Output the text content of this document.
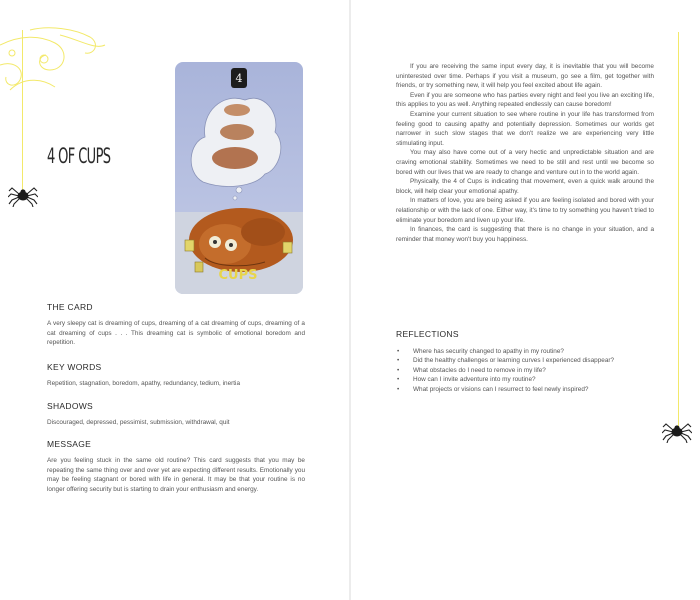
4 OF CUPS
4
CUPS
THE CARD

A very sleepy cat is dreaming of cups, dreaming of a cat dreaming of cups, dreaming of a cat dreaming of cups . . . This dreaming cat is symbolic of emotional boredom and repetition.

KEY WORDS

Repetition, stagnation, boredom, apathy, redundancy, tedium, inertia

SHADOWS

Discouraged, depressed, pessimist, submission, withdrawal, quit

MESSAGE

Are you feeling stuck in the same old routine? This card suggests that you may be repeating the same thing over and over yet are expecting different results. Emotionally you may be feeling stagnant or bored with life in general. It may be that your routine is no longer offering security but is starting to drain your enthusiasm and energy.

If you are receiving the same input every day, it is inevitable that you will become uninterested over time. Perhaps if you visit a museum, go see a film, get together with friends, or try something new, it will help you feel excited about life again.

Even if you are someone who has parties every night and feel you live an exciting life, this applies to you as well. Anything repeated endlessly can cause boredom!

Examine your current situation to see where routine in your life has transformed from feeling good to causing apathy and potentially depression. Sometimes our worlds get narrower in such slow stages that we don't realize we are experiencing very little stimulating input.

You may also have come out of a very hectic and unpredictable situation and are craving emotional stability. Sometimes we need to be still and rest until we become so bored with our lives that we are ready to change and venture out in to the world again.

Physically, the 4 of Cups is indicating that movement, even a quick walk around the block, will help clear your emotional apathy.

In matters of love, you are being asked if you are feeling isolated and bored with your relationship or with the lack of one. Either way, it's time to try something you haven't tried to eliminate your boredom and liven up your life.

In finances, the card is suggesting that there is no change in your situation, and a reminder that money won't buy you happiness.

REFLECTIONS
• Where has security changed to apathy in my routine?
• Did the healthy challenges or learning curves I experienced disappear?
• What obstacles do I need to remove in my life?
• How can I invite adventure into my routine?
• What projects or visions can I resurrect to feel newly inspired?
